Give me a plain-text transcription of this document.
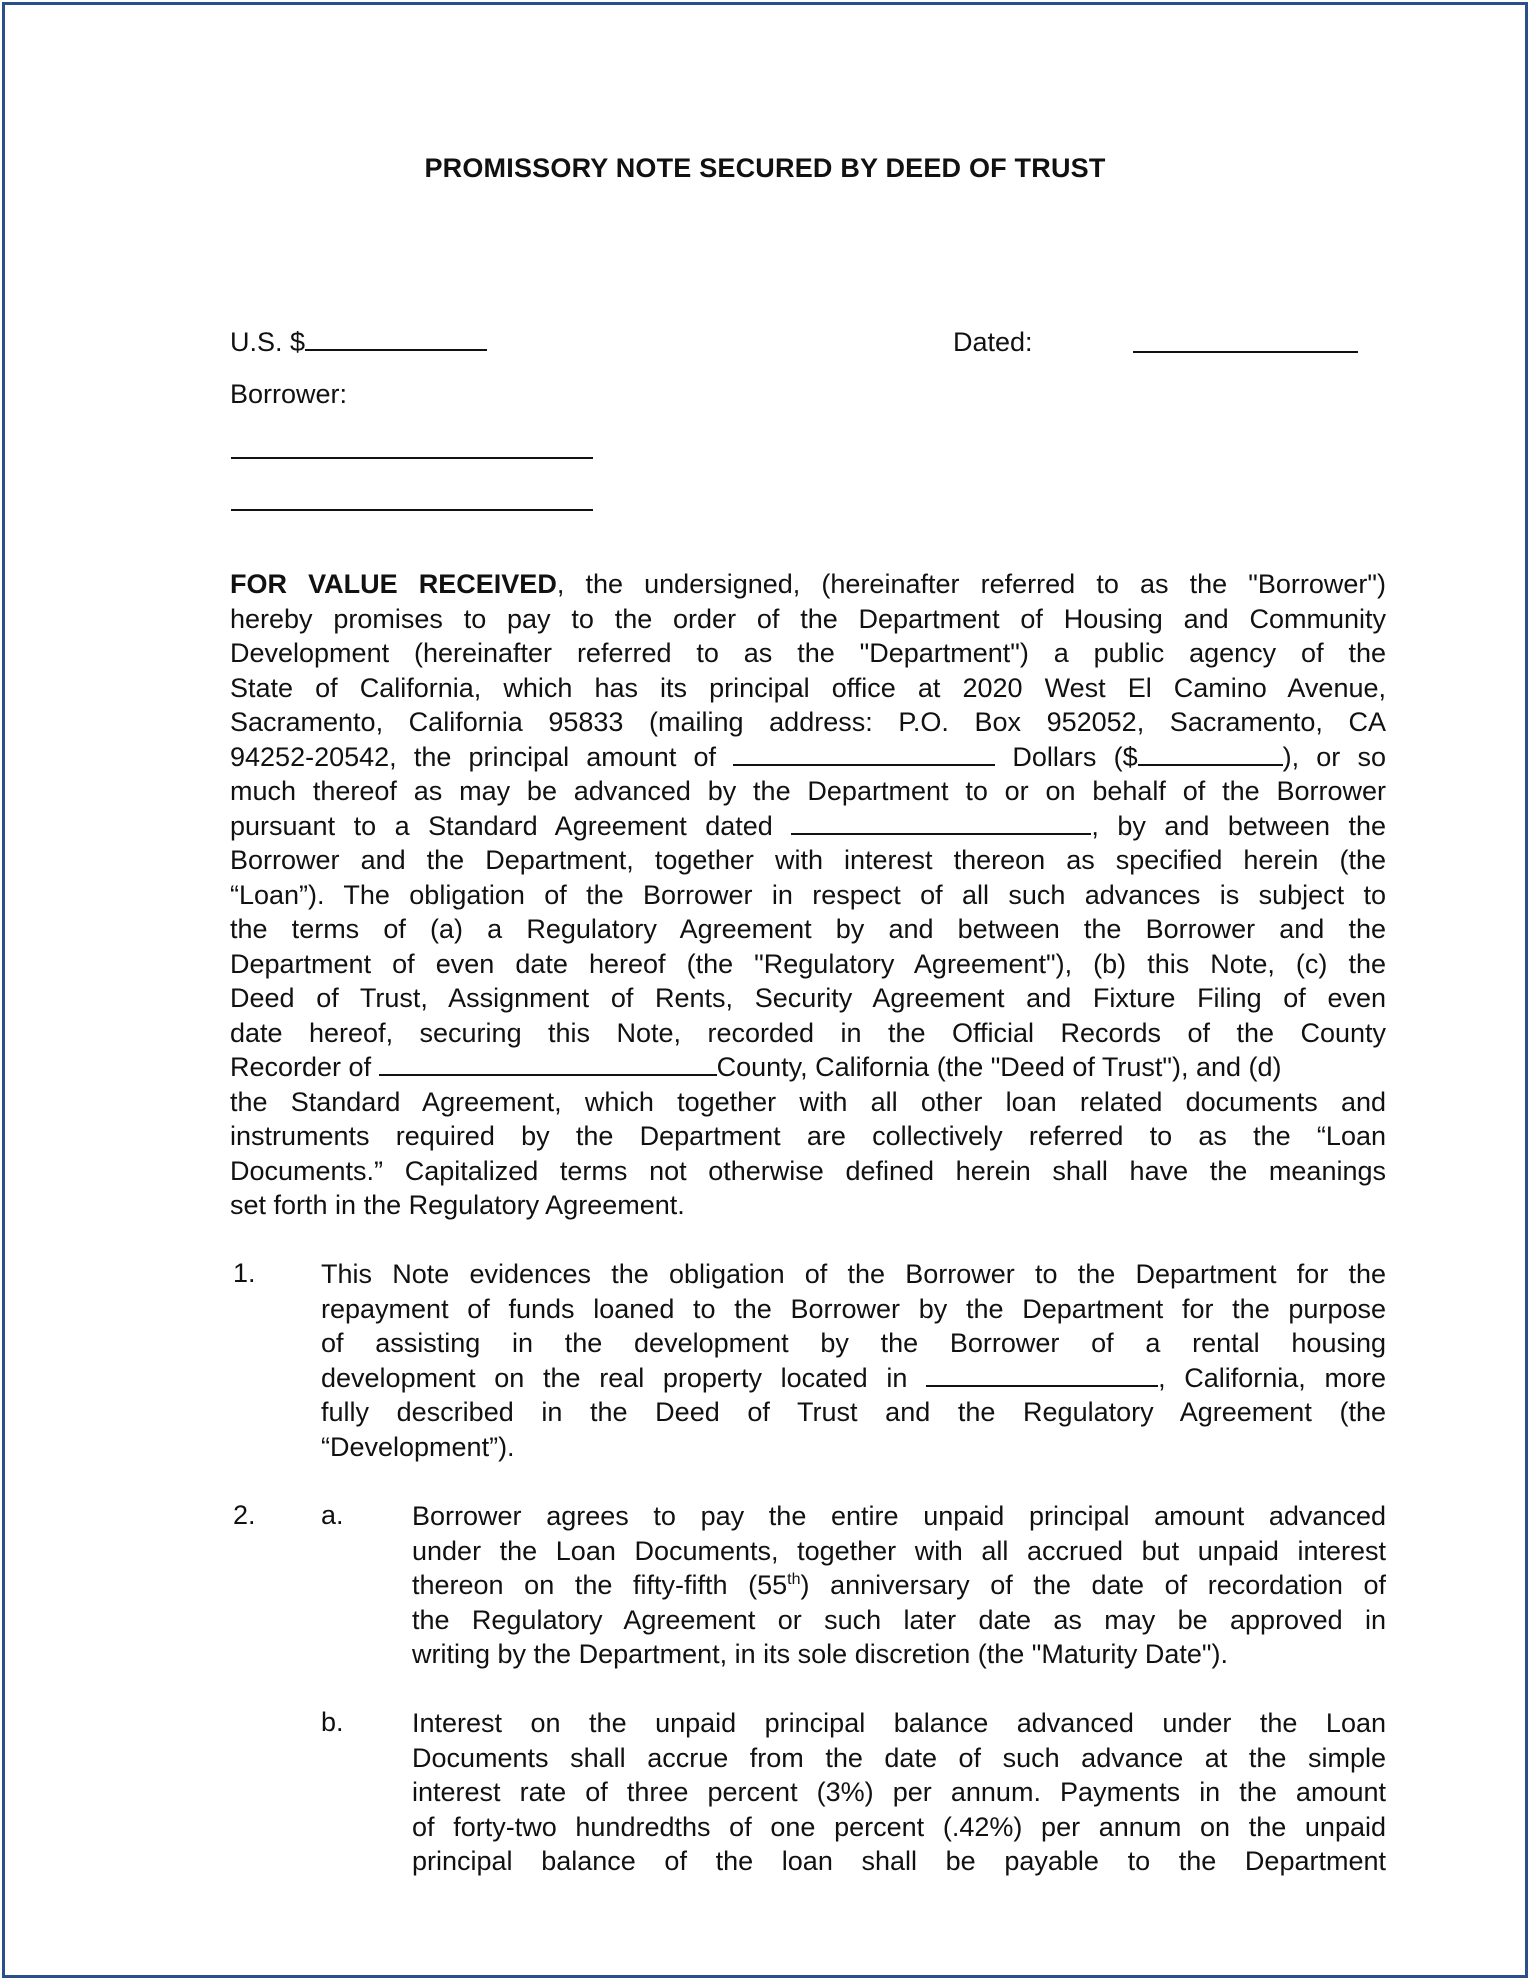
PROMISSORY NOTE SECURED BY DEED OF TRUST
U.S. $	Dated:
Borrower:
FOR VALUE RECEIVED, the undersigned, (hereinafter referred to as the "Borrower")
hereby promises to pay to the order of the Department of Housing and Community
Development (hereinafter referred to as the "Department") a public agency of the
State of California, which has its principal office at 2020 West El Camino Avenue,
Sacramento, California 95833 (mailing address: P.O. Box 952052, Sacramento, CA
94252-20542, the principal amount of	Dollars ($	), or so
much thereof as may be advanced by the Department to or on behalf of the Borrower
pursuant to a Standard Agreement dated	, by and between the
Borrower and the Department, together with interest thereon as specified herein (the
“Loan”). The obligation of the Borrower in respect of all such advances is subject to
the terms of (a) a Regulatory Agreement by and between the Borrower and the
Department of even date hereof (the "Regulatory Agreement"), (b) this Note, (c) the
Deed of Trust, Assignment of Rents, Security Agreement and Fixture Filing of even
date hereof, securing this Note, recorded in the Official Records of the County
Recorder of	County, California (the "Deed of Trust"), and (d)
the Standard Agreement, which together with all other loan related documents and
instruments required by the Department are collectively referred to as the “Loan
Documents.” Capitalized terms not otherwise defined herein shall have the meanings
set forth in the Regulatory Agreement.
1. This Note evidences the obligation of the Borrower to the Department for the
repayment of funds loaned to the Borrower by the Department for the purpose
of assisting in the development by the Borrower of a rental housing
development on the real property located in	, California, more
fully described in the Deed of Trust and the Regulatory Agreement (the
“Development”).
2. a.	Borrower agrees to pay the entire unpaid principal amount advanced
under the Loan Documents, together with all accrued but unpaid interest
thereon on the fifty-fifth (55th) anniversary of the date of recordation of
the Regulatory Agreement or such later date as may be approved in
writing by the Department, in its sole discretion (the "Maturity Date").
b.	Interest on the unpaid principal balance advanced under the Loan
Documents shall accrue from the date of such advance at the simple
interest rate of three percent (3%) per annum. Payments in the amount
of forty-two hundredths of one percent (.42%) per annum on the unpaid
principal balance of the loan shall be payable to the Department
